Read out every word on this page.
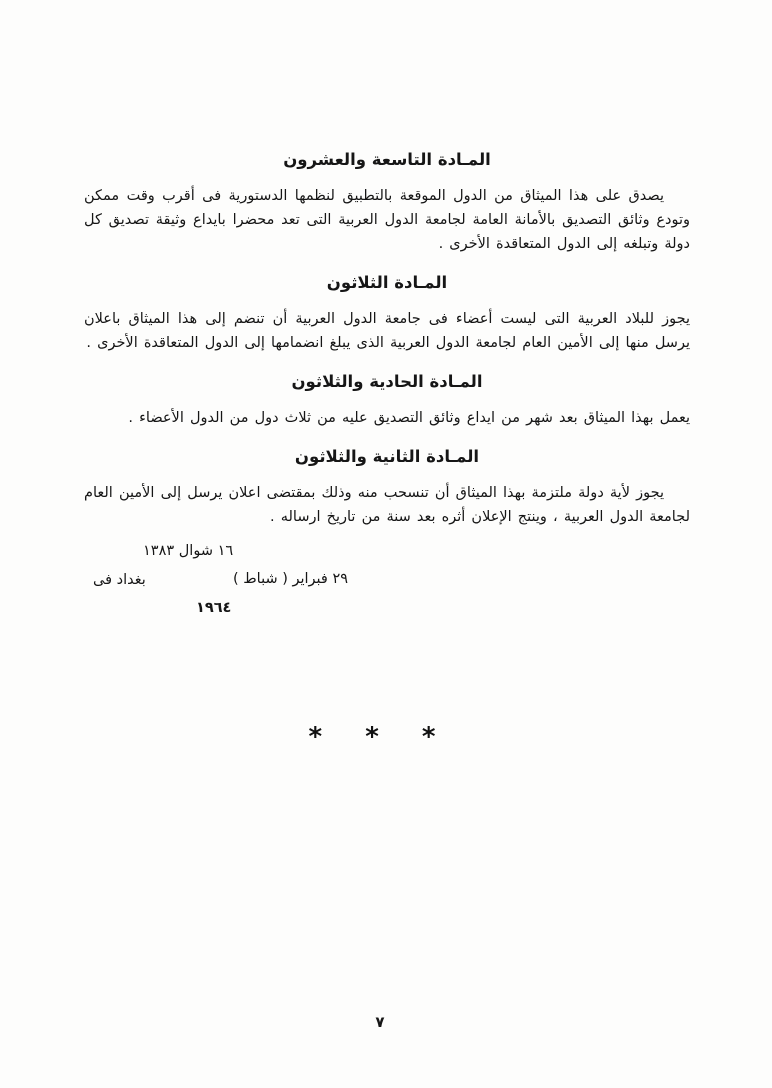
المـادة التاسعة والعشرون

يصدق على هذا الميثاق من الدول الموقعة بالتطبيق لنظمها الدستورية فى أقرب وقت ممكن وتودع وثائق التصديق بالأمانة العامة لجامعة الدول العربية التى تعد محضرا بايداع وثيقة تصديق كل دولة وتبلغه إلى الدول المتعاقدة الأخرى .

المـادة الثلاثون

يجوز للبلاد العربية التى ليست أعضاء فى جامعة الدول العربية أن تنضم إلى هذا الميثاق باعلان يرسل منها إلى الأمين العام لجامعة الدول العربية الذى يبلغ انضمامها إلى الدول المتعاقدة الأخرى .

المـادة الحادية والثلاثون

يعمل بهذا الميثاق بعد شهر من ايداع وثائق التصديق عليه من ثلاث دول من الدول الأعضاء .

المـادة الثانية والثلاثون

يجوز لأية دولة ملتزمة بهذا الميثاق أن تنسحب منه وذلك بمقتضى اعلان يرسل إلى الأمين العام لجامعة الدول العربية ، وينتج الإعلان أثره بعد سنة من تاريخ ارساله .

١٦ شوال ١٣٨٣
بغداد فى	٢٩ فبراير ( شباط )
١٩٦٤
* * *
٧
